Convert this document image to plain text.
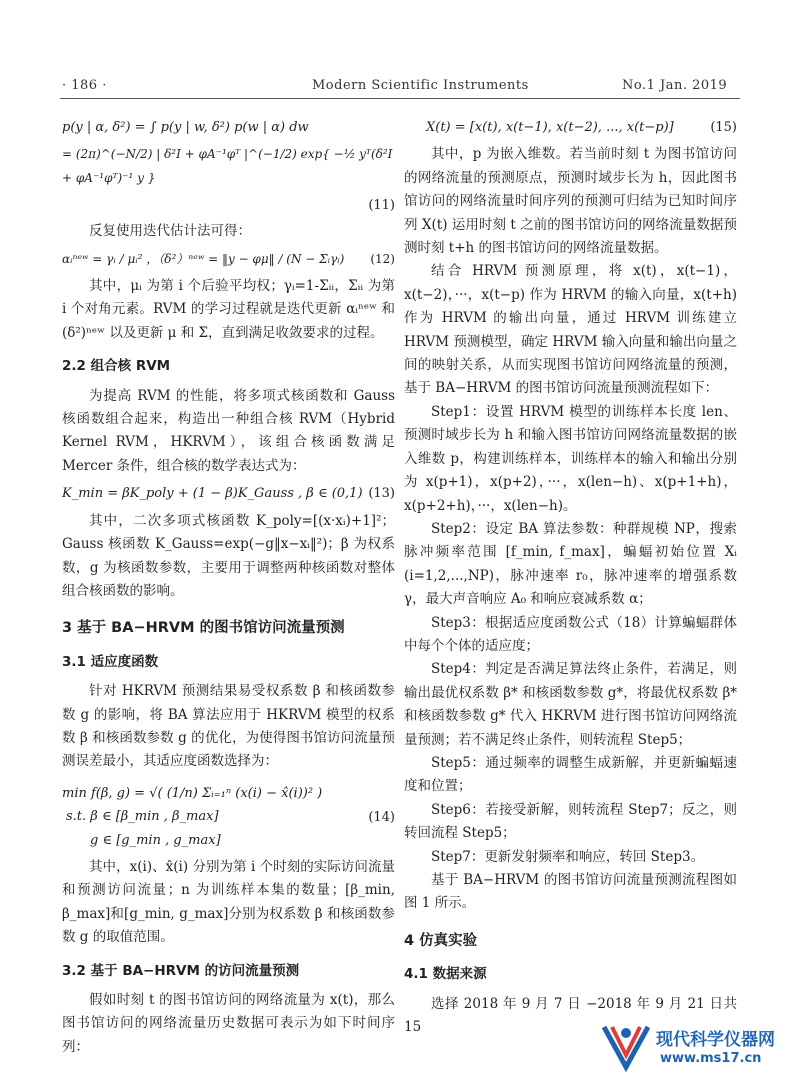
· 186 ·	Modern Scientific Instruments	No.1 Jan. 2019
p(y | α, δ²) = ∫ p(y | w, δ²) p(w | α) dw
= (2π)^(−N/2) | δ²I + φA⁻¹φᵀ |^(−1/2) exp{ −½ yᵀ(δ²I + φA⁻¹φᵀ)⁻¹ y }
(11)

反复使用迭代估计法可得：

αᵢⁿᵉʷ = γᵢ / μᵢ² ，（δ²）ⁿᵉʷ = ‖y − φμ‖ / (N − Σᵢγᵢ) (12)

其中，μᵢ 为第 i 个后验平均权；γᵢ=1-Σᵢᵢ，Σᵢᵢ 为第 i 个对角元素。RVM 的学习过程就是迭代更新 αᵢⁿᵉʷ 和(δ²)ⁿᵉʷ 以及更新 μ 和 Σ，直到满足收敛要求的过程。

2.2 组合核 RVM

为提高 RVM 的性能，将多项式核函数和 Gauss 核函数组合起来，构造出一种组合核 RVM（Hybrid Kernel RVM，HKRVM），该组合核函数满足 Mercer 条件，组合核的数学表达式为：

K_min = βK_poly + (1 − β)K_Gauss , β ∈ (0,1) (13)

其中，二次多项式核函数 K_poly=[(x·xᵢ)+1]²；Gauss 核函数 K_Gauss=exp(−g‖x−xᵢ‖²)；β 为权系数，g 为核函数参数，主要用于调整两种核函数对整体组合核函数的影响。

3 基于 BA−HRVM 的图书馆访问流量预测
3.1 适应度函数

针对 HKRVM 预测结果易受权系数 β 和核函数参数 g 的影响，将 BA 算法应用于 HKRVM 模型的权系数 β 和核函数参数 g 的优化，为使得图书馆访问流量预测误差最小，其适应度函数选择为：

min f(β, g) = √( (1/n) Σᵢ₌₁ⁿ (x(i) − x̂(i))² )
s.t. β ∈ [β_min , β_max]
g ∈ [g_min , g_max]
(14)

其中，x(i)、x̂(i) 分别为第 i 个时刻的实际访问流量和预测访问流量；n 为训练样本集的数量；[β_min, β_max]和[g_min, g_max]分别为权系数 β 和核函数参数 g 的取值范围。

3.2 基于 BA−HRVM 的访问流量预测

假如时刻 t 的图书馆访问的网络流量为 x(t)，那么图书馆访问的网络流量历史数据可表示为如下时间序列：

X(t) = [x(t), x(t−1), x(t−2), ..., x(t−p)]	(15)

其中，p 为嵌入维数。若当前时刻 t 为图书馆访问的网络流量的预测原点，预测时域步长为 h，因此图书馆访问的网络流量时间序列的预测可归结为已知时间序列 X(t) 运用时刻 t 之前的图书馆访问的网络流量数据预测时刻 t+h 的图书馆访问的网络流量数据。

结合 HRVM 预测原理，将 x(t)，x(t−1)，x(t−2)，···，x(t−p) 作为 HRVM 的输入向量，x(t+h) 作为 HRVM 的输出向量，通过 HRVM 训练建立 HRVM 预测模型，确定 HRVM 输入向量和输出向量之间的映射关系，从而实现图书馆访问网络流量的预测，基于 BA−HRVM 的图书馆访问流量预测流程如下：

Step1：设置 HRVM 模型的训练样本长度 len、预测时域步长为 h 和输入图书馆访问网络流量数据的嵌入维数 p，构建训练样本，训练样本的输入和输出分别为 x(p+1)，x(p+2)，···，x(len−h)、x(p+1+h)，x(p+2+h)，···，x(len−h)。

Step2：设定 BA 算法参数：种群规模 NP，搜索脉冲频率范围 [f_min, f_max]，蝙蝠初始位置 Xᵢ (i=1,2,...,NP)，脉冲速率 r₀，脉冲速率的增强系数 γ，最大声音响应 A₀ 和响应衰减系数 α；

Step3：根据适应度函数公式（18）计算蝙蝠群体中每个个体的适应度；

Step4：判定是否满足算法终止条件，若满足，则输出最优权系数 β* 和核函数参数 g*，将最优权系数 β* 和核函数参数 g* 代入 HKRVM 进行图书馆访问网络流量预测；若不满足终止条件，则转流程 Step5；

Step5：通过频率的调整生成新解，并更新蝙蝠速度和位置；

Step6：若接受新解，则转流程 Step7；反之，则转回流程 Step5；

Step7：更新发射频率和响应，转回 Step3。

基于 BA−HRVM 的图书馆访问流量预测流程图如图 1 所示。

4 仿真实验
4.1 数据来源

选择 2018 年 9 月 7 日 −2018 年 9 月 21 日共 15

现代科学仪器网
www.ms17.cn
